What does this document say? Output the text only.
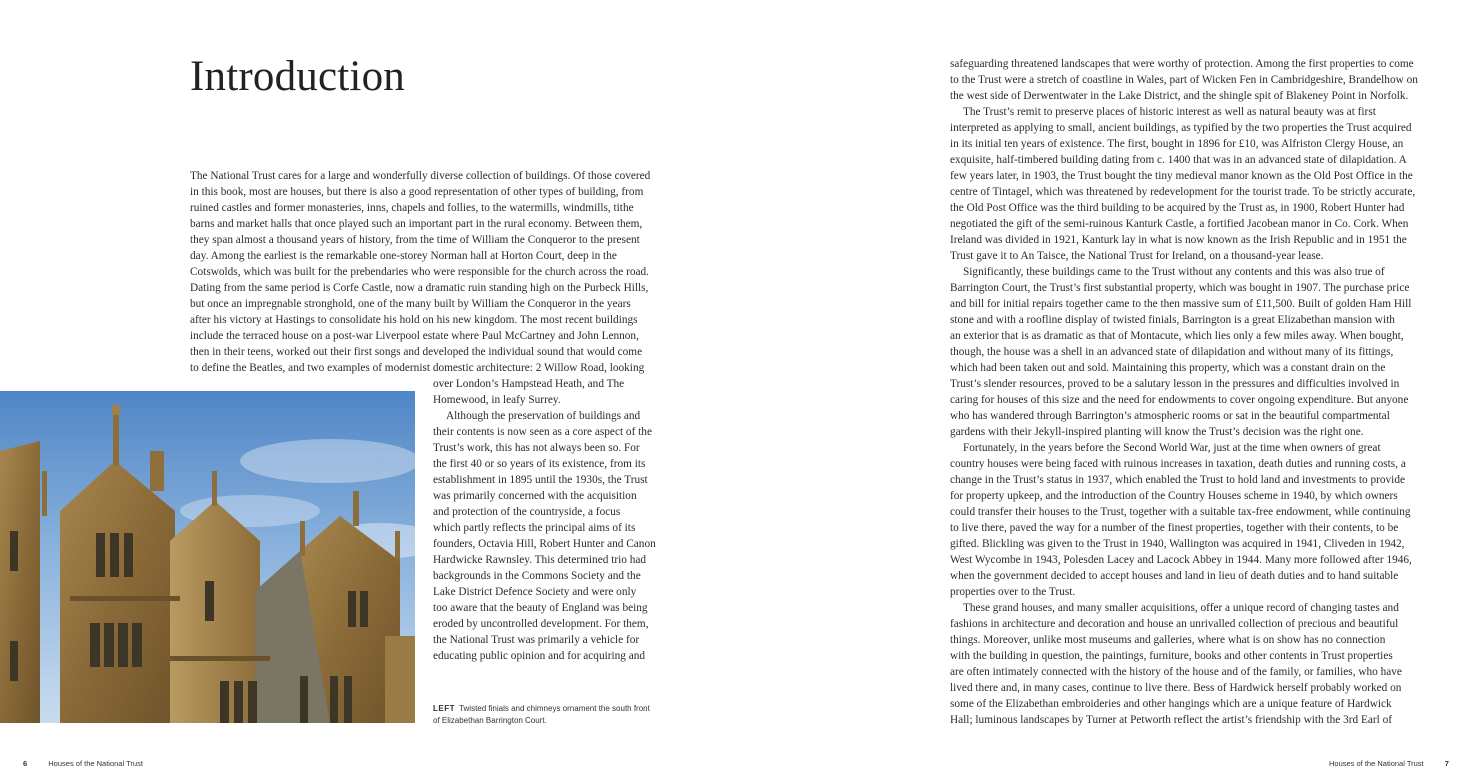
Introduction

The National Trust cares for a large and wonderfully diverse collection of buildings. Of those covered

in this book, most are houses, but there is also a good representation of other types of building, from

ruined castles and former monasteries, inns, chapels and follies, to the watermills, windmills, tithe

barns and market halls that once played such an important part in the rural economy. Between them,

they span almost a thousand years of history, from the time of William the Conqueror to the present

day. Among the earliest is the remarkable one-storey Norman hall at Horton Court, deep in the

Cotswolds, which was built for the prebendaries who were responsible for the church across the road.

Dating from the same period is Corfe Castle, now a dramatic ruin standing high on the Purbeck Hills,

but once an impregnable stronghold, one of the many built by William the Conqueror in the years

after his victory at Hastings to consolidate his hold on his new kingdom. The most recent buildings

include the terraced house on a post-war Liverpool estate where Paul McCartney and John Lennon,

then in their teens, worked out their first songs and developed the individual sound that would come

to define the Beatles, and two examples of modernist domestic architecture: 2 Willow Road, looking

over London’s Hampstead Heath, and The

Homewood, in leafy Surrey.

Although the preservation of buildings and

their contents is now seen as a core aspect of the

Trust’s work, this has not always been so. For

the first 40 or so years of its existence, from its

establishment in 1895 until the 1930s, the Trust

was primarily concerned with the acquisition

and protection of the countryside, a focus

which partly reflects the principal aims of its

founders, Octavia Hill, Robert Hunter and Canon

Hardwicke Rawnsley. This determined trio had

backgrounds in the Commons Society and the

Lake District Defence Society and were only

too aware that the beauty of England was being

eroded by uncontrolled development. For them,

the National Trust was primarily a vehicle for

educating public opinion and for acquiring and

LEFT Twisted finials and chimneys ornament the south front
of Elizabethan Barrington Court.
6	Houses of the National Trust

safeguarding threatened landscapes that were worthy of protection. Among the first properties to come

to the Trust were a stretch of coastline in Wales, part of Wicken Fen in Cambridgeshire, Brandelhow on

the west side of Derwentwater in the Lake District, and the shingle spit of Blakeney Point in Norfolk.

The Trust’s remit to preserve places of historic interest as well as natural beauty was at first

interpreted as applying to small, ancient buildings, as typified by the two properties the Trust acquired

in its initial ten years of existence. The first, bought in 1896 for £10, was Alfriston Clergy House, an

exquisite, half-timbered building dating from c. 1400 that was in an advanced state of dilapidation. A

few years later, in 1903, the Trust bought the tiny medieval manor known as the Old Post Office in the

centre of Tintagel, which was threatened by redevelopment for the tourist trade. To be strictly accurate,

the Old Post Office was the third building to be acquired by the Trust as, in 1900, Robert Hunter had

negotiated the gift of the semi-ruinous Kanturk Castle, a fortified Jacobean manor in Co. Cork. When

Ireland was divided in 1921, Kanturk lay in what is now known as the Irish Republic and in 1951 the

Trust gave it to An Taisce, the National Trust for Ireland, on a thousand-year lease.

Significantly, these buildings came to the Trust without any contents and this was also true of

Barrington Court, the Trust’s first substantial property, which was bought in 1907. The purchase price

and bill for initial repairs together came to the then massive sum of £11,500. Built of golden Ham Hill

stone and with a roofline display of twisted finials, Barrington is a great Elizabethan mansion with

an exterior that is as dramatic as that of Montacute, which lies only a few miles away. When bought,

though, the house was a shell in an advanced state of dilapidation and without many of its fittings,

which had been taken out and sold. Maintaining this property, which was a constant drain on the

Trust’s slender resources, proved to be a salutary lesson in the pressures and difficulties involved in

caring for houses of this size and the need for endowments to cover ongoing expenditure. But anyone

who has wandered through Barrington’s atmospheric rooms or sat in the beautiful compartmental

gardens with their Jekyll-inspired planting will know the Trust’s decision was the right one.

Fortunately, in the years before the Second World War, just at the time when owners of great

country houses were being faced with ruinous increases in taxation, death duties and running costs, a

change in the Trust’s status in 1937, which enabled the Trust to hold land and investments to provide

for property upkeep, and the introduction of the Country Houses scheme in 1940, by which owners

could transfer their houses to the Trust, together with a suitable tax-free endowment, while continuing

to live there, paved the way for a number of the finest properties, together with their contents, to be

gifted. Blickling was given to the Trust in 1940, Wallington was acquired in 1941, Cliveden in 1942,

West Wycombe in 1943, Polesden Lacey and Lacock Abbey in 1944. Many more followed after 1946,

when the government decided to accept houses and land in lieu of death duties and to hand suitable

properties over to the Trust.

These grand houses, and many smaller acquisitions, offer a unique record of changing tastes and

fashions in architecture and decoration and house an unrivalled collection of precious and beautiful

things. Moreover, unlike most museums and galleries, where what is on show has no connection

with the building in question, the paintings, furniture, books and other contents in Trust properties

are often intimately connected with the history of the house and of the family, or families, who have

lived there and, in many cases, continue to live there. Bess of Hardwick herself probably worked on

some of the Elizabethan embroideries and other hangings which are a unique feature of Hardwick

Hall; luminous landscapes by Turner at Petworth reflect the artist’s friendship with the 3rd Earl of

Houses of the National Trust	7
